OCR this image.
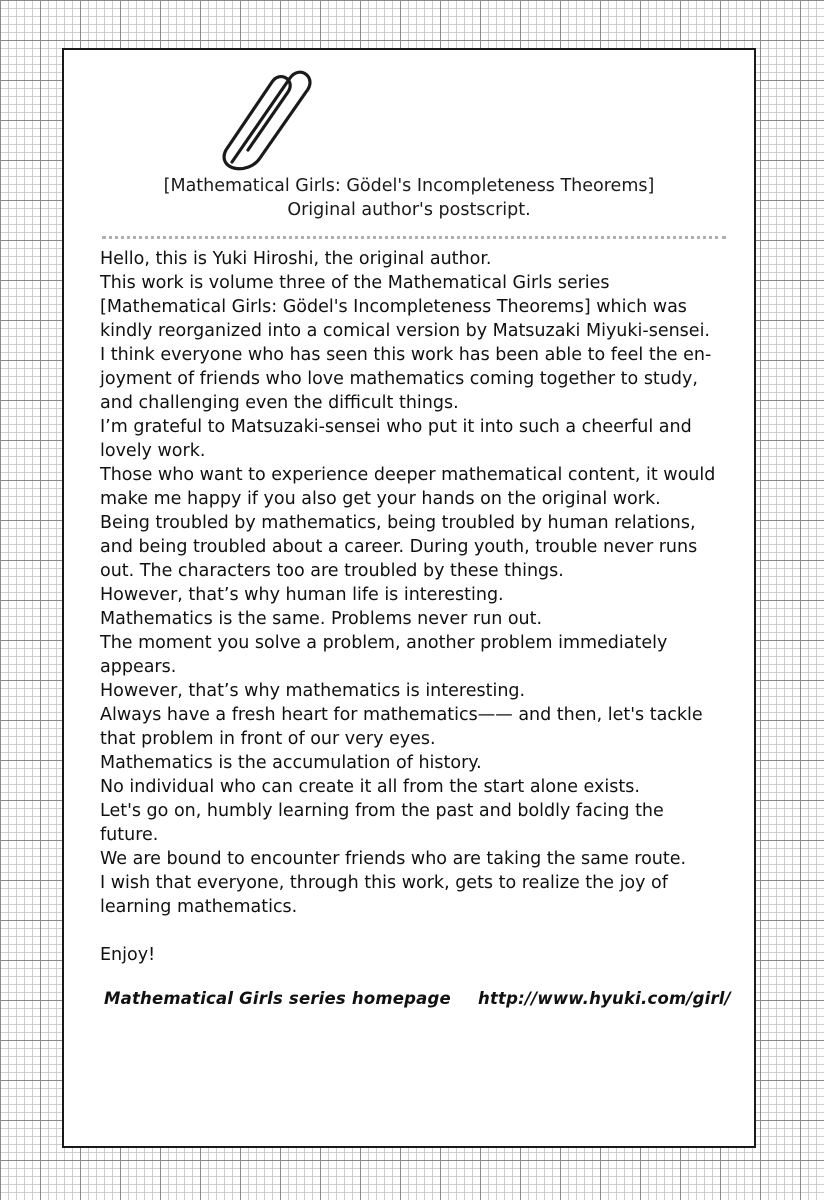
[Mathematical Girls: Gödel's Incompleteness Theorems]
Original author's postscript.
Hello, this is Yuki Hiroshi, the original author.
This work is volume three of the Mathematical Girls series
[Mathematical Girls: Gödel's Incompleteness Theorems] which was
kindly reorganized into a comical version by Matsuzaki Miyuki-sensei.
I think everyone who has seen this work has been able to feel the en-
joyment of friends who love mathematics coming together to study,
and challenging even the difficult things.
I’m grateful to Matsuzaki-sensei who put it into such a cheerful and
lovely work.
Those who want to experience deeper mathematical content, it would
make me happy if you also get your hands on the original work.
Being troubled by mathematics, being troubled by human relations,
and being troubled about a career. During youth, trouble never runs
out. The characters too are troubled by these things.
However, that’s why human life is interesting.
Mathematics is the same. Problems never run out.
The moment you solve a problem, another problem immediately
appears.
However, that’s why mathematics is interesting.
Always have a fresh heart for mathematics—— and then, let's tackle
that problem in front of our very eyes.
Mathematics is the accumulation of history.
No individual who can create it all from the start alone exists.
Let's go on, humbly learning from the past and boldly facing the
future.
We are bound to encounter friends who are taking the same route.
I wish that everyone, through this work, gets to realize the joy of
learning mathematics.
Enjoy!
Mathematical Girls series homepage http://www.hyuki.com/girl/
